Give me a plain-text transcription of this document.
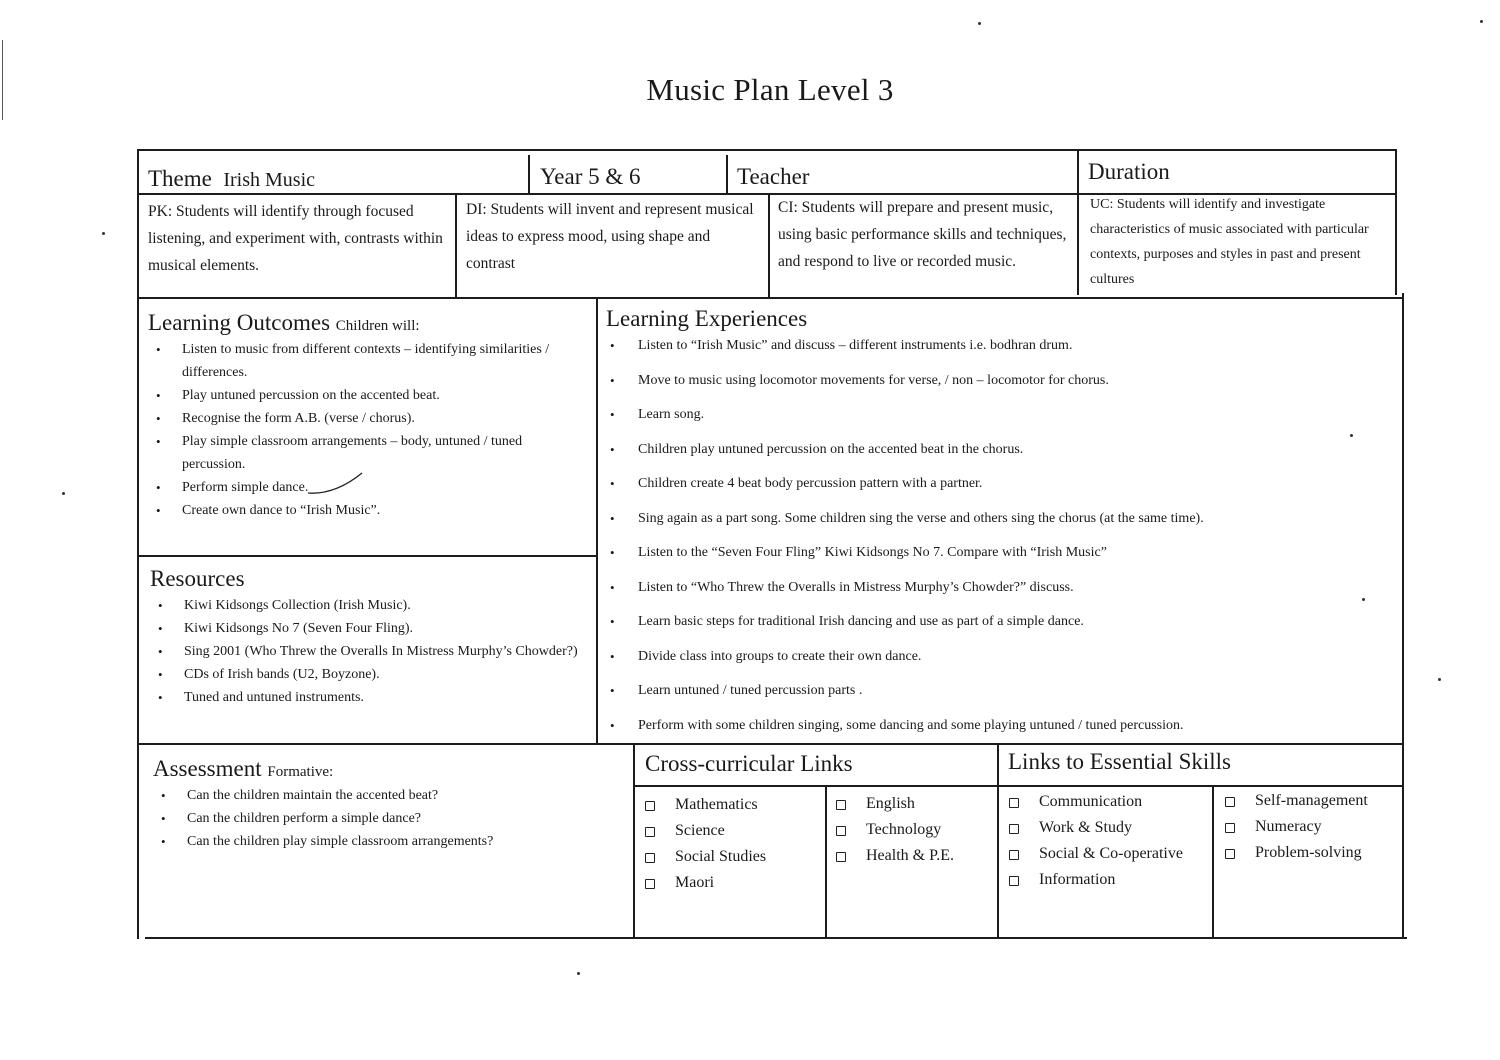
Music Plan Level 3
Theme Irish Music	Year 5 & 6	Teacher	Duration
PK: Students will identify through focused listening, and experiment with, contrasts within musical elements.
DI: Students will invent and represent musical ideas to express mood, using shape and contrast
CI: Students will prepare and present music, using basic performance skills and techniques, and respond to live or recorded music.
UC: Students will identify and investigate characteristics of music associated with particular contexts, purposes and styles in past and present cultures
Learning Outcomes Children will:
• Listen to music from different contexts – identifying similarities / differences.
• Play untuned percussion on the accented beat.
• Recognise the form A.B. (verse / chorus).
• Play simple classroom arrangements – body, untuned / tuned percussion.
• Perform simple dance.
• Create own dance to “Irish Music”.
Resources
• Kiwi Kidsongs Collection (Irish Music).
• Kiwi Kidsongs No 7 (Seven Four Fling).
• Sing 2001 (Who Threw the Overalls In Mistress Murphy’s Chowder?)
• CDs of Irish bands (U2, Boyzone).
• Tuned and untuned instruments.
Learning Experiences
• Listen to “Irish Music” and discuss – different instruments i.e. bodhran drum.
• Move to music using locomotor movements for verse, / non – locomotor for chorus.
• Learn song.
• Children play untuned percussion on the accented beat in the chorus.
• Children create 4 beat body percussion pattern with a partner.
• Sing again as a part song. Some children sing the verse and others sing the chorus (at the same time).
• Listen to the “Seven Four Fling” Kiwi Kidsongs No 7. Compare with “Irish Music”
• Listen to “Who Threw the Overalls in Mistress Murphy’s Chowder?” discuss.
• Learn basic steps for traditional Irish dancing and use as part of a simple dance.
• Divide class into groups to create their own dance.
• Learn untuned / tuned percussion parts .
• Perform with some children singing, some dancing and some playing untuned / tuned percussion.
Assessment Formative:
• Can the children maintain the accented beat?
• Can the children perform a simple dance?
• Can the children play simple classroom arrangements?
Cross-curricular Links
Mathematics
Science
Social Studies
Maori
English
Technology
Health & P.E.
Links to Essential Skills
Communication
Work & Study
Social & Co-operative
Information
Self-management
Numeracy
Problem-solving
